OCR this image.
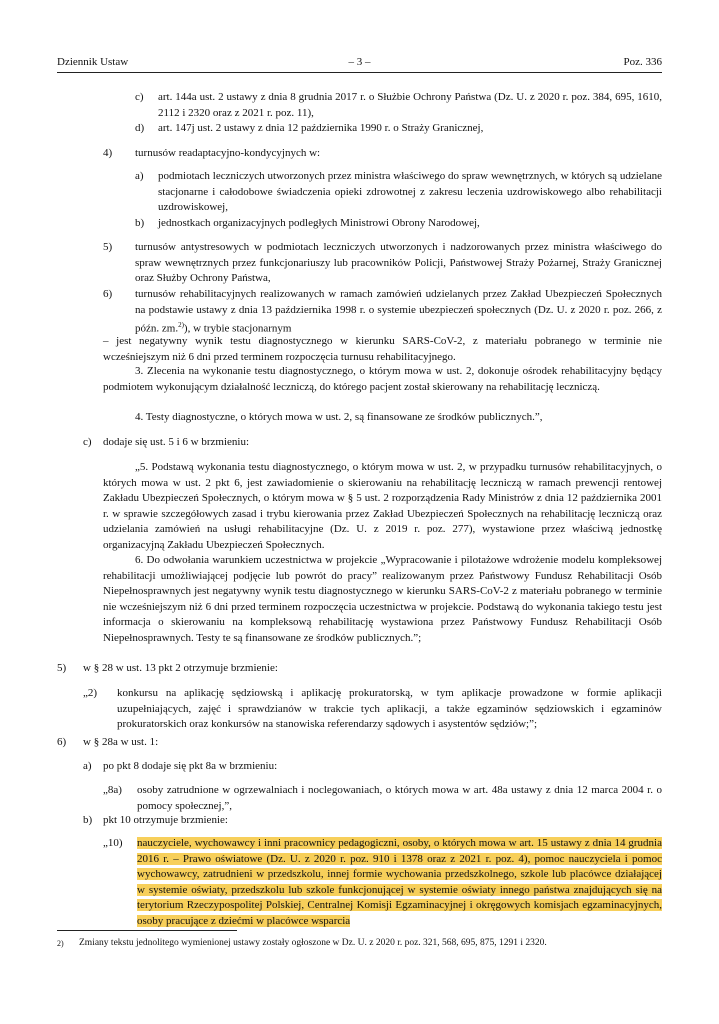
Dziennik Ustaw	– 3 –	Poz. 336
c) art. 144a ust. 2 ustawy z dnia 8 grudnia 2017 r. o Służbie Ochrony Państwa (Dz. U. z 2020 r. poz. 384, 695, 1610, 2112 i 2320 oraz z 2021 r. poz. 11),
d) art. 147j ust. 2 ustawy z dnia 12 października 1990 r. o Straży Granicznej,
4) turnusów readaptacyjno-kondycyjnych w:
a) podmiotach leczniczych utworzonych przez ministra właściwego do spraw wewnętrznych, w których są udzielane stacjonarne i całodobowe świadczenia opieki zdrowotnej z zakresu leczenia uzdrowiskowego albo rehabilitacji uzdrowiskowej,
b) jednostkach organizacyjnych podległych Ministrowi Obrony Narodowej,
5) turnusów antystresowych w podmiotach leczniczych utworzonych i nadzorowanych przez ministra właściwego do spraw wewnętrznych przez funkcjonariuszy lub pracowników Policji, Państwowej Straży Pożarnej, Straży Granicznej oraz Służby Ochrony Państwa,
6) turnusów rehabilitacyjnych realizowanych w ramach zamówień udzielanych przez Zakład Ubezpieczeń Społecznych na podstawie ustawy z dnia 13 października 1998 r. o systemie ubezpieczeń społecznych (Dz. U. z 2020 r. poz. 266, z późn. zm.$^{2)}$), w trybie stacjonarnym
– jest negatywny wynik testu diagnostycznego w kierunku SARS-CoV-2, z materiału pobranego w terminie nie wcześniejszym niż 6 dni przed terminem rozpoczęcia turnusu rehabilitacyjnego.
3. Zlecenia na wykonanie testu diagnostycznego, o którym mowa w ust. 2, dokonuje ośrodek rehabilitacyjny będący podmiotem wykonującym działalność leczniczą, do którego pacjent został skierowany na rehabilitację leczniczą.
4. Testy diagnostyczne, o których mowa w ust. 2, są finansowane ze środków publicznych.”,
c) dodaje się ust. 5 i 6 w brzmieniu:
„5. Podstawą wykonania testu diagnostycznego, o którym mowa w ust. 2, w przypadku turnusów rehabilitacyjnych, o których mowa w ust. 2 pkt 6, jest zawiadomienie o skierowaniu na rehabilitację leczniczą w ramach prewencji rentowej Zakładu Ubezpieczeń Społecznych, o którym mowa w § 5 ust. 2 rozporządzenia Rady Ministrów z dnia 12 października 2001 r. w sprawie szczegółowych zasad i trybu kierowania przez Zakład Ubezpieczeń Społecznych na rehabilitację leczniczą oraz udzielania zamówień na usługi rehabilitacyjne (Dz. U. z 2019 r. poz. 277), wystawione przez właściwą jednostkę organizacyjną Zakładu Ubezpieczeń Społecznych.
6. Do odwołania warunkiem uczestnictwa w projekcie „Wypracowanie i pilotażowe wdrożenie modelu kompleksowej rehabilitacji umożliwiającej podjęcie lub powrót do pracy” realizowanym przez Państwowy Fundusz Rehabilitacji Osób Niepełnosprawnych jest negatywny wynik testu diagnostycznego w kierunku SARS-CoV-2 z materiału pobranego w terminie nie wcześniejszym niż 6 dni przed terminem rozpoczęcia uczestnictwa w projekcie. Podstawą do wykonania takiego testu jest informacja o skierowaniu na kompleksową rehabilitację wystawiona przez Państwowy Fundusz Rehabilitacji Osób Niepełnosprawnych. Testy te są finansowane ze środków publicznych.”;
5) w § 28 w ust. 13 pkt 2 otrzymuje brzmienie:
„2) konkursu na aplikację sędziowską i aplikację prokuratorską, w tym aplikacje prowadzone w formie aplikacji uzupełniających, zajęć i sprawdzianów w trakcie tych aplikacji, a także egzaminów sędziowskich i egzaminów prokuratorskich oraz konkursów na stanowiska referendarzy sądowych i asystentów sędziów;”;
6) w § 28a w ust. 1:
a) po pkt 8 dodaje się pkt 8a w brzmieniu:
„8a) osoby zatrudnione w ogrzewalniach i noclegowaniach, o których mowa w art. 48a ustawy z dnia 12 marca 2004 r. o pomocy społecznej,”,
b) pkt 10 otrzymuje brzmienie:
„10) nauczyciele, wychowawcy i inni pracownicy pedagogiczni, osoby, o których mowa w art. 15 ustawy z dnia 14 grudnia 2016 r. – Prawo oświatowe (Dz. U. z 2020 r. poz. 910 i 1378 oraz z 2021 r. poz. 4), pomoc nauczyciela i pomoc wychowawcy, zatrudnieni w przedszkolu, innej formie wychowania przedszkolnego, szkole lub placówce działającej w systemie oświaty, przedszkolu lub szkole funkcjonującej w systemie oświaty innego państwa znajdujących się na terytorium Rzeczypospolitej Polskiej, Centralnej Komisji Egzaminacyjnej i okręgowych komisjach egzaminacyjnych, osoby pracujące z dziećmi w placówce wsparcia
2) Zmiany tekstu jednolitego wymienionej ustawy zostały ogłoszone w Dz. U. z 2020 r. poz. 321, 568, 695, 875, 1291 i 2320.
